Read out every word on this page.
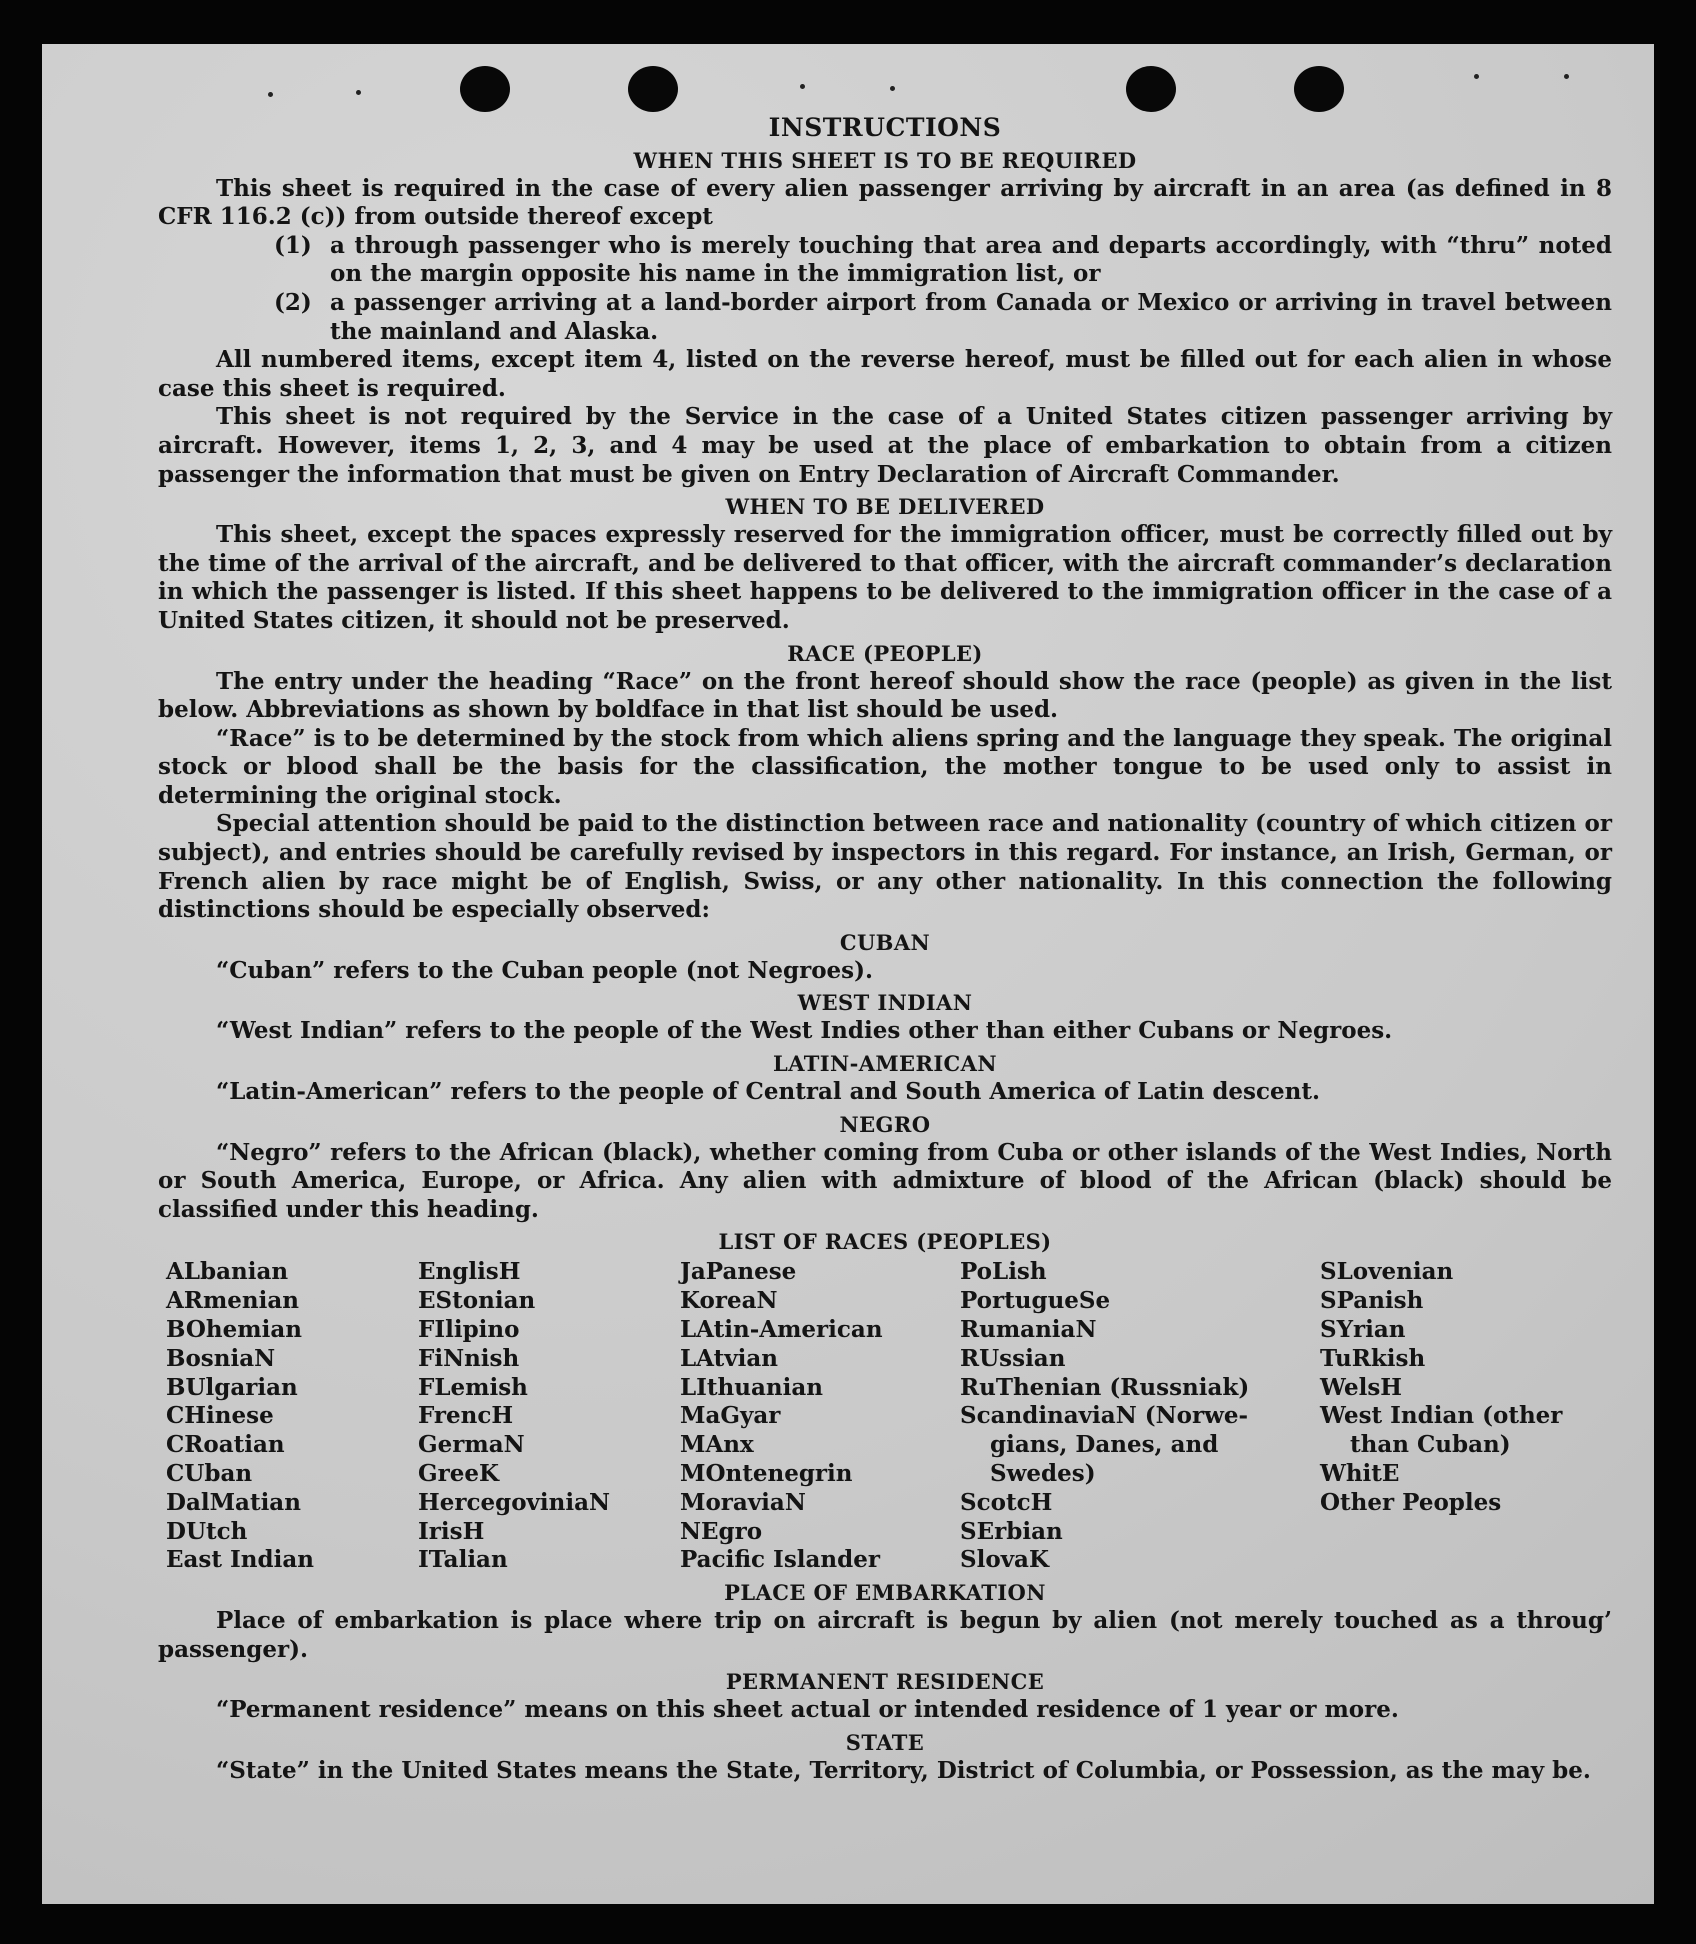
INSTRUCTIONS
WHEN THIS SHEET IS TO BE REQUIRED

This sheet is required in the case of every alien passenger arriving by aircraft in an area (as defined in 8 CFR 116.2 (c)) from outside thereof except

(1) a through passenger who is merely touching that area and departs accordingly, with “thru” noted on the margin opposite his name in the immigration list, or
(2) a passenger arriving at a land-border airport from Canada or Mexico or arriving in travel between the mainland and Alaska.

All numbered items, except item 4, listed on the reverse hereof, must be filled out for each alien in whose case this sheet is required.

This sheet is not required by the Service in the case of a United States citizen passenger arriving by aircraft. However, items 1, 2, 3, and 4 may be used at the place of embarkation to obtain from a citizen passenger the information that must be given on Entry Declaration of Aircraft Commander.

WHEN TO BE DELIVERED

This sheet, except the spaces expressly reserved for the immigration officer, must be correctly filled out by the time of the arrival of the aircraft, and be delivered to that officer, with the aircraft commander’s declaration in which the passenger is listed. If this sheet happens to be delivered to the immigration officer in the case of a United States citizen, it should not be preserved.

RACE (PEOPLE)

The entry under the heading “Race” on the front hereof should show the race (people) as given in the list below. Abbreviations as shown by boldface in that list should be used.

“Race” is to be determined by the stock from which aliens spring and the language they speak. The original stock or blood shall be the basis for the classification, the mother tongue to be used only to assist in determining the original stock.

Special attention should be paid to the distinction between race and nationality (country of which citizen or subject), and entries should be carefully revised by inspectors in this regard. For instance, an Irish, German, or French alien by race might be of English, Swiss, or any other nationality. In this connection the following distinctions should be especially observed:

CUBAN

“Cuban” refers to the Cuban people (not Negroes).

WEST INDIAN

“West Indian” refers to the people of the West Indies other than either Cubans or Negroes.

LATIN-AMERICAN

“Latin-American” refers to the people of Central and South America of Latin descent.

NEGRO

“Negro” refers to the African (black), whether coming from Cuba or other islands of the West Indies, North or South America, Europe, or Africa. Any alien with admixture of blood of the African (black) should be classified under this heading.

LIST OF RACES (PEOPLES)
ALbanian
ARmenian
BOhemian
BosniaN
BUlgarian
CHinese
CRoatian
CUban
DalMatian
DUtch
East Indian
EnglisH
EStonian
FIlipino
FiNnish
FLemish
FrencH
GermaN
GreeK
HercegoviniaN
IrisH
ITalian
JaPanese
KoreaN
LAtin-American
LAtvian
LIthuanian
MaGyar
MAnx
MOntenegrin
MoraviaN
NEgro
Pacific Islander
PoLish
PortugueSe
RumaniaN
RUssian
RuThenian (Russniak)
ScandinaviaN (Norwe-
gians, Danes, and
Swedes)
ScotcH
SErbian
SlovaK
SLovenian
SPanish
SYrian
TuRkish
WelsH
West Indian (other
than Cuban)
WhitE
Other Peoples
PLACE OF EMBARKATION

Place of embarkation is place where trip on aircraft is begun by alien (not merely touched as a throug’ passenger).

PERMANENT RESIDENCE

“Permanent residence” means on this sheet actual or intended residence of 1 year or more.

STATE

“State” in the United States means the State, Territory, District of Columbia, or Possession, as the may be.
